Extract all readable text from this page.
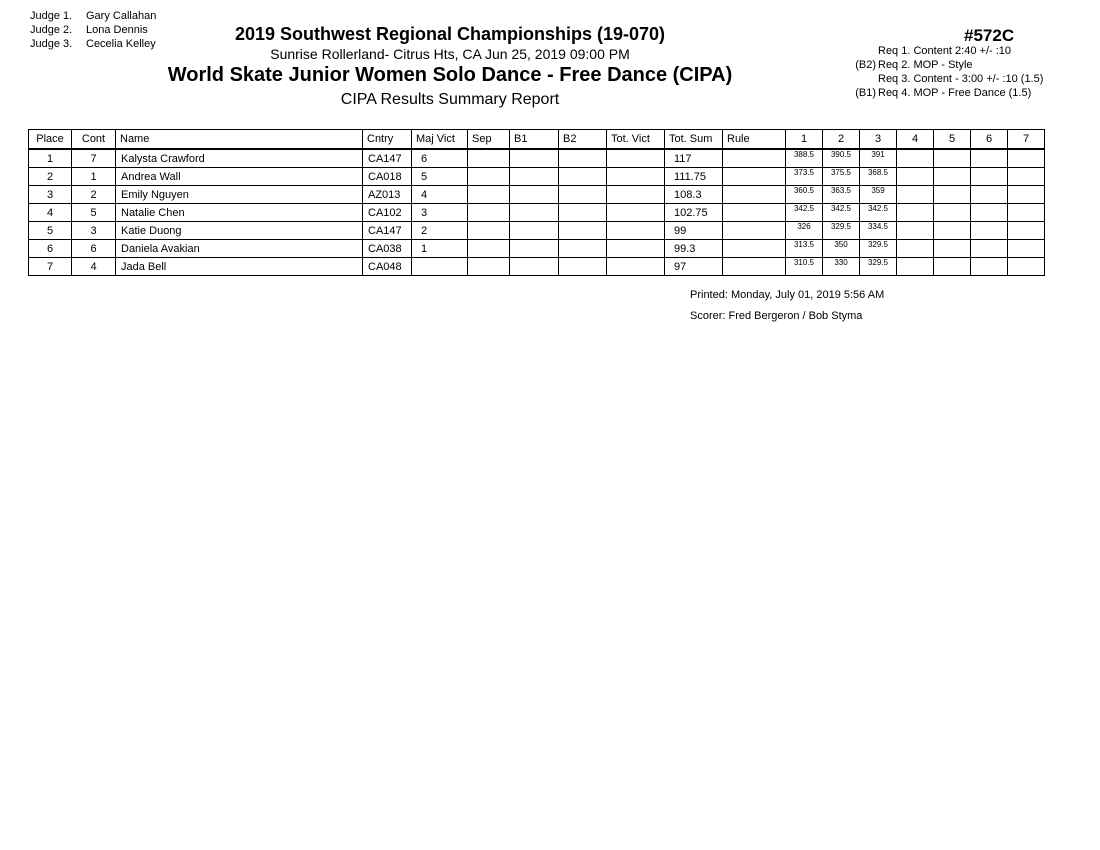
Judge 1. Gary Callahan
Judge 2. Lona Dennis
Judge 3. Cecelia Kelley	2019 Southwest Regional Championships (19-070)
Sunrise Rollerland- Citrus Hts, CA Jun 25, 2019 09:00 PM
World Skate Junior Women Solo Dance - Free Dance (CIPA)
CIPA Results Summary Report
#572C
Req 1. Content 2:40 +/- :10
(B2) Req 2. MOP - Style
Req 3. Content - 3:00 +/- :10 (1.5)
(B1) Req 4. MOP - Free Dance (1.5)
Place	Cont	Name	Cntry	Maj Vict	Sep	B1	B2	Tot. Vict	Tot. Sum	Rule	1	2	3	4	5	6	7
1	7	Kalysta Crawford	CA147	6					117		388.5	390.5	391				
2	1	Andrea Wall	CA018	5					111.75		373.5	375.5	368.5				
3	2	Emily Nguyen	AZ013	4					108.3		360.5	363.5	359				
4	5	Natalie Chen	CA102	3					102.75		342.5	342.5	342.5				
5	3	Katie Duong	CA147	2					99		326	329.5	334.5				
6	6	Daniela Avakian	CA038	1					99.3		313.5	350	329.5				
7	4	Jada Bell	CA048						97		310.5	330	329.5				
Printed: Monday, July 01, 2019 5:56 AM
Scorer: Fred Bergeron / Bob Styma
